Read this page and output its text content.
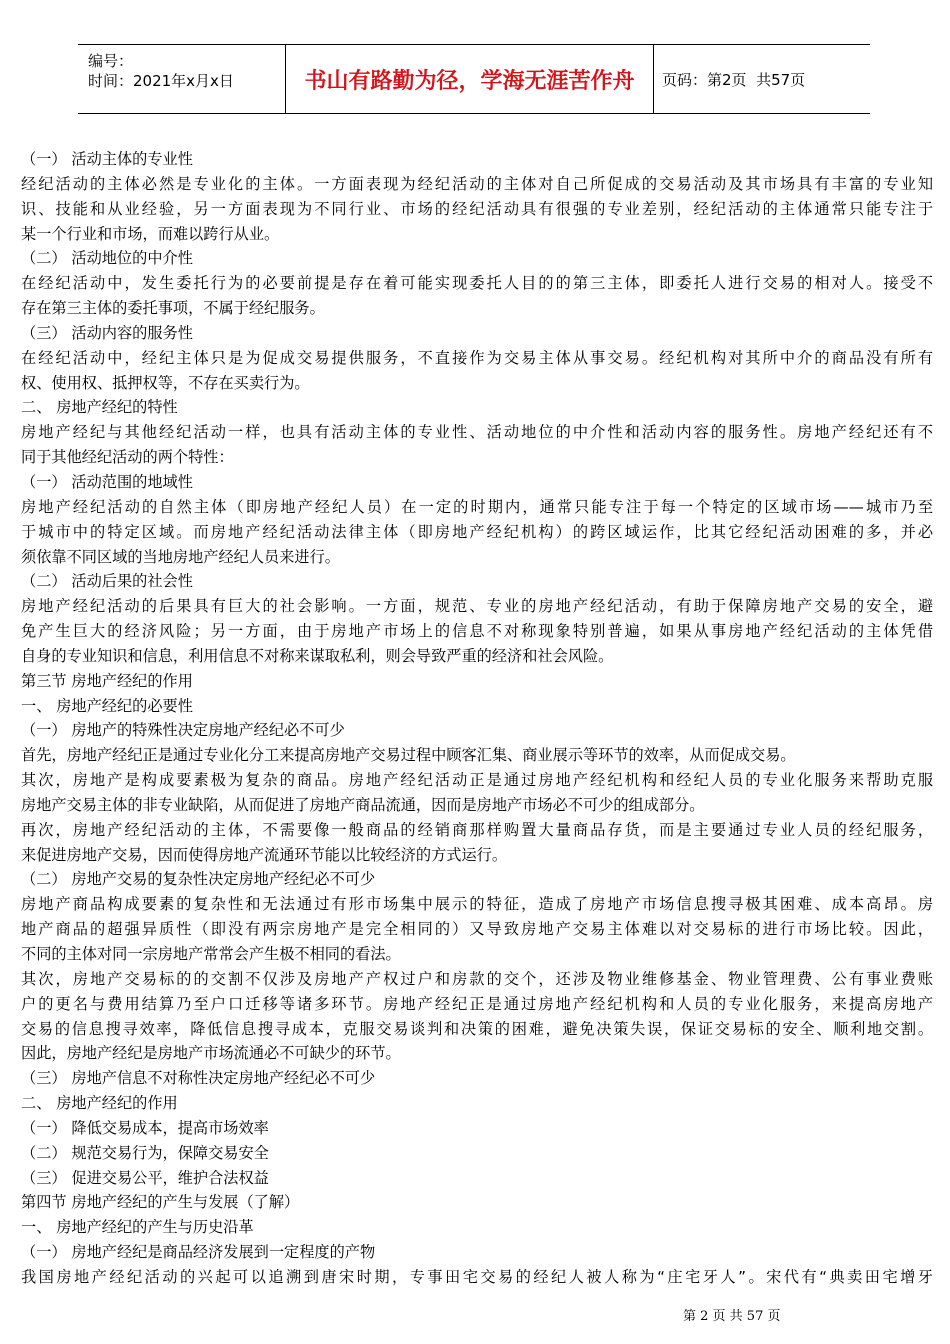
编号：
时间：2021年x月x日	书山有路勤为径，学海无涯苦作舟	页码：第2页  共57页
（一） 活动主体的专业性
经纪活动的主体必然是专业化的主体。一方面表现为经纪活动的主体对自己所促成的交易活动及其市场具有丰富的专业知
识、技能和从业经验，另一方面表现为不同行业、市场的经纪活动具有很强的专业差别，经纪活动的主体通常只能专注于
某一个行业和市场，而难以跨行从业。
（二） 活动地位的中介性
在经纪活动中，发生委托行为的必要前提是存在着可能实现委托人目的的第三主体，即委托人进行交易的相对人。接受不
存在第三主体的委托事项，不属于经纪服务。
（三） 活动内容的服务性
在经纪活动中，经纪主体只是为促成交易提供服务，不直接作为交易主体从事交易。经纪机构对其所中介的商品没有所有
权、使用权、抵押权等，不存在买卖行为。
二、 房地产经纪的特性
房地产经纪与其他经纪活动一样，也具有活动主体的专业性、活动地位的中介性和活动内容的服务性。房地产经纪还有不
同于其他经纪活动的两个特性：
（一） 活动范围的地域性
房地产经纪活动的自然主体（即房地产经纪人员）在一定的时期内，通常只能专注于每一个特定的区域市场——城市乃至
于城市中的特定区域。而房地产经纪活动法律主体（即房地产经纪机构）的跨区域运作，比其它经纪活动困难的多，并必
须依靠不同区域的当地房地产经纪人员来进行。
（二） 活动后果的社会性
房地产经纪活动的后果具有巨大的社会影响。一方面，规范、专业的房地产经纪活动，有助于保障房地产交易的安全，避
免产生巨大的经济风险；另一方面，由于房地产市场上的信息不对称现象特别普遍，如果从事房地产经纪活动的主体凭借
自身的专业知识和信息，利用信息不对称来谋取私利，则会导致严重的经济和社会风险。
第三节 房地产经纪的作用
一、 房地产经纪的必要性
（一） 房地产的特殊性决定房地产经纪必不可少
首先，房地产经纪正是通过专业化分工来提高房地产交易过程中顾客汇集、商业展示等环节的效率，从而促成交易。
其次，房地产是构成要素极为复杂的商品。房地产经纪活动正是通过房地产经纪机构和经纪人员的专业化服务来帮助克服
房地产交易主体的非专业缺陷，从而促进了房地产商品流通，因而是房地产市场必不可少的组成部分。
再次，房地产经纪活动的主体，不需要像一般商品的经销商那样购置大量商品存货，而是主要通过专业人员的经纪服务，
来促进房地产交易，因而使得房地产流通环节能以比较经济的方式运行。
（二） 房地产交易的复杂性决定房地产经纪必不可少
房地产商品构成要素的复杂性和无法通过有形市场集中展示的特征，造成了房地产市场信息搜寻极其困难、成本高昂。房
地产商品的超强异质性（即没有两宗房地产是完全相同的）又导致房地产交易主体难以对交易标的进行市场比较。因此，
不同的主体对同一宗房地产常常会产生极不相同的看法。
其次，房地产交易标的的交割不仅涉及房地产产权过户和房款的交个，还涉及物业维修基金、物业管理费、公有事业费账
户的更名与费用结算乃至户口迁移等诸多环节。房地产经纪正是通过房地产经纪机构和人员的专业化服务，来提高房地产
交易的信息搜寻效率，降低信息搜寻成本，克服交易谈判和决策的困难，避免决策失误，保证交易标的安全、顺利地交割。
因此，房地产经纪是房地产市场流通必不可缺少的环节。
（三） 房地产信息不对称性决定房地产经纪必不可少
二、 房地产经纪的作用
（一） 降低交易成本，提高市场效率
（二） 规范交易行为，保障交易安全
（三） 促进交易公平，维护合法权益
第四节 房地产经纪的产生与发展（了解）
一、 房地产经纪的产生与历史沿革
（一） 房地产经纪是商品经济发展到一定程度的产物
我国房地产经纪活动的兴起可以追溯到唐宋时期，专事田宅交易的经纪人被人称为“庄宅牙人”。宋代有“典卖田宅增牙
第 2 页 共 57 页
